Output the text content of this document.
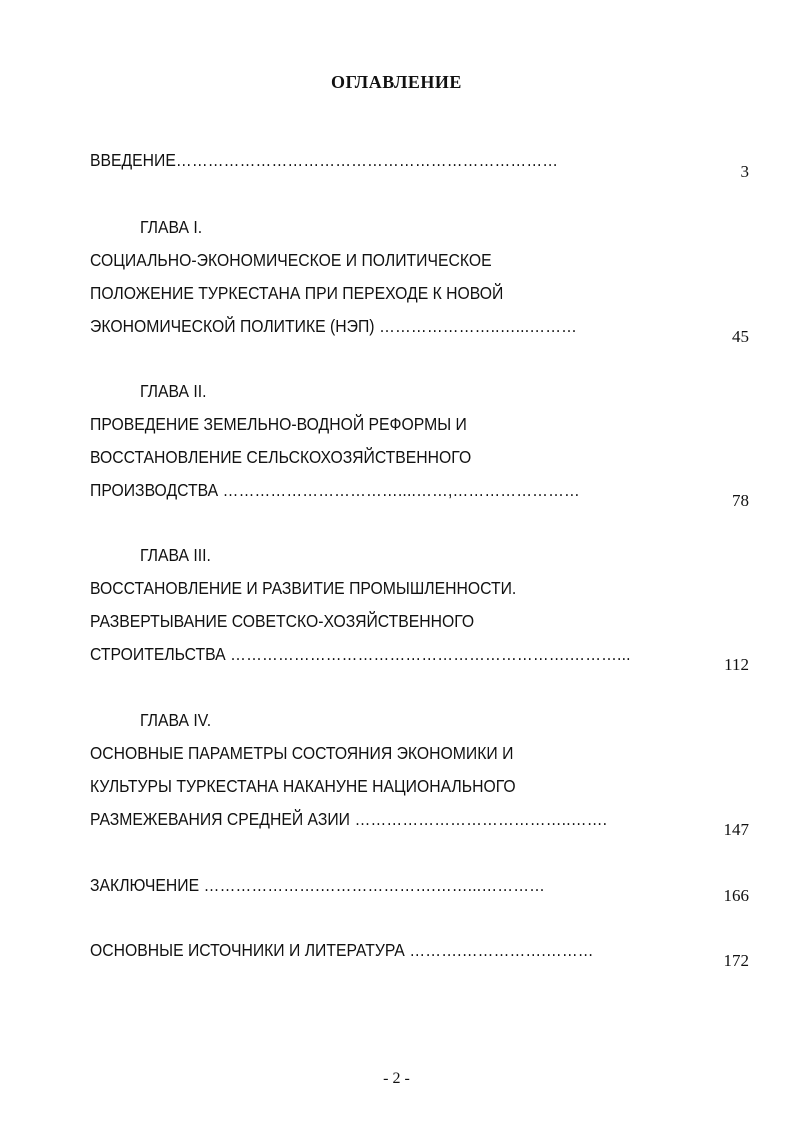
ОГЛАВЛЕНИЕ
ВВЕДЕНИЕ………………………………………………………………
3
ГЛАВА I.
СОЦИАЛЬНО-ЭКОНОМИЧЕСКОЕ И ПОЛИТИЧЕСКОЕ
ПОЛОЖЕНИЕ ТУРКЕСТАНА ПРИ ПЕРЕХОДЕ К НОВОЙ
ЭКОНОМИЧЕСКОЙ ПОЛИТИКЕ (НЭП) …………………..…...………
45
ГЛАВА II.
ПРОВЕДЕНИЕ ЗЕМЕЛЬНО-ВОДНОЙ РЕФОРМЫ И
ВОССТАНОВЛЕНИЕ СЕЛЬСКОХОЗЯЙСТВЕННОГО
ПРОИЗВОДСТВА ……………………………....……,……………………
78
ГЛАВА III.
ВОССТАНОВЛЕНИЕ И РАЗВИТИЕ ПРОМЫШЛЕННОСТИ.
РАЗВЕРТЫВАНИЕ СОВЕТСКО-ХОЗЯЙСТВЕННОГО
СТРОИТЕЛЬСТВА ……………………………………………………….………...
112
ГЛАВА IV.
ОСНОВНЫЕ ПАРАМЕТРЫ СОСТОЯНИЯ ЭКОНОМИКИ И
КУЛЬТУРЫ ТУРКЕСТАНА НАКАНУНЕ НАЦИОНАЛЬНОГО
РАЗМЕЖЕВАНИЯ СРЕДНЕЙ АЗИИ …………………………………..…….
147
ЗАКЛЮЧЕНИЕ ………………….………………….……...…………
166
ОСНОВНЫЕ ИСТОЧНИКИ И ЛИТЕРАТУРА ……….…………….………
172
- 2 -
